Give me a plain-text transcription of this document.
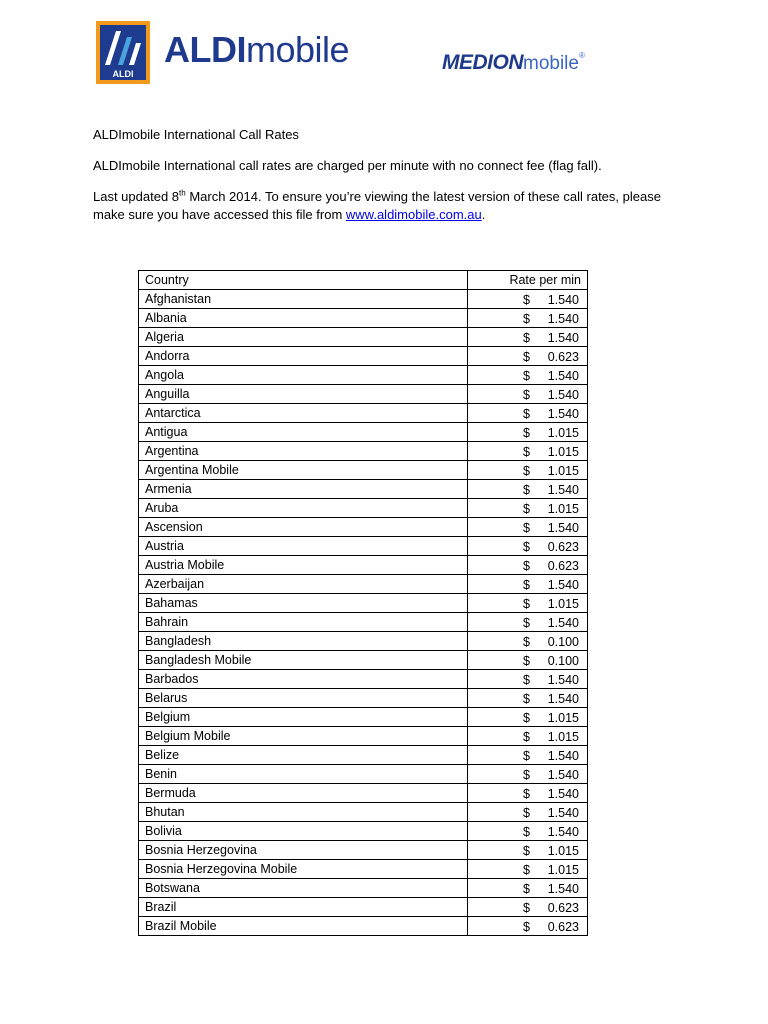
ALDI
ALDImobile	MEDIONmobile®
ALDImobile International Call Rates
ALDImobile International call rates are charged per minute with no connect fee (flag fall).
Last updated 8th March 2014. To ensure you’re viewing the latest version of these call rates, please
make sure you have accessed this file from www.aldimobile.com.au.
Country	Rate per min
Afghanistan	$ 1.540

Albania	$ 1.540

Algeria	$ 1.540

Andorra	$ 0.623

Angola	$ 1.540

Anguilla	$ 1.540

Antarctica	$ 1.540

Antigua	$ 1.015

Argentina	$ 1.015

Argentina Mobile	$ 1.015

Armenia	$ 1.540

Aruba	$ 1.015

Ascension	$ 1.540

Austria	$ 0.623

Austria Mobile	$ 0.623

Azerbaijan	$ 1.540

Bahamas	$ 1.015

Bahrain	$ 1.540

Bangladesh	$ 0.100

Bangladesh Mobile	$ 0.100

Barbados	$ 1.540

Belarus	$ 1.540

Belgium	$ 1.015

Belgium Mobile	$ 1.015

Belize	$ 1.540

Benin	$ 1.540

Bermuda	$ 1.540

Bhutan	$ 1.540

Bolivia	$ 1.540

Bosnia Herzegovina	$ 1.015

Bosnia Herzegovina Mobile	$ 1.015

Botswana	$ 1.540

Brazil	$ 0.623

Brazil Mobile	$ 0.623
